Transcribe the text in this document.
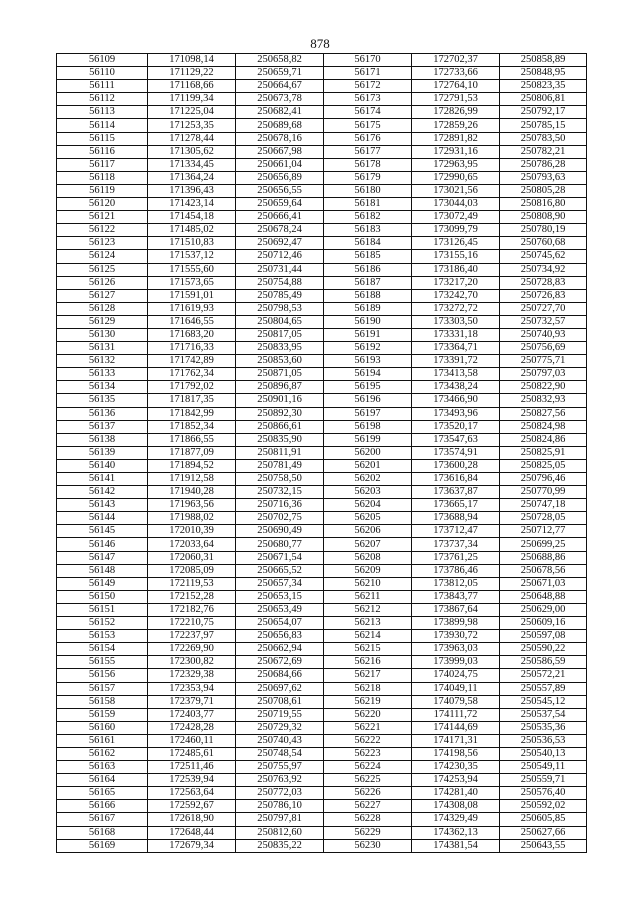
878
56109	171098,14	250658,82	56170	172702,37	250858,89
56110	171129,22	250659,71	56171	172733,66	250848,95
56111	171168,66	250664,67	56172	172764,10	250823,35
56112	171199,34	250673,78	56173	172791,53	250806,81
56113	171225,04	250682,41	56174	172826,99	250792,17
56114	171253,35	250689,68	56175	172859,26	250785,15
56115	171278,44	250678,16	56176	172891,82	250783,50
56116	171305,62	250667,98	56177	172931,16	250782,21
56117	171334,45	250661,04	56178	172963,95	250786,28
56118	171364,24	250656,89	56179	172990,65	250793,63
56119	171396,43	250656,55	56180	173021,56	250805,28
56120	171423,14	250659,64	56181	173044,03	250816,80
56121	171454,18	250666,41	56182	173072,49	250808,90
56122	171485,02	250678,24	56183	173099,79	250780,19
56123	171510,83	250692,47	56184	173126,45	250760,68
56124	171537,12	250712,46	56185	173155,16	250745,62
56125	171555,60	250731,44	56186	173186,40	250734,92
56126	171573,65	250754,88	56187	173217,20	250728,83
56127	171591,01	250785,49	56188	173242,70	250726,83
56128	171619,93	250798,53	56189	173272,72	250727,70
56129	171646,55	250804,65	56190	173303,50	250732,57
56130	171683,20	250817,05	56191	173331,18	250740,93
56131	171716,33	250833,95	56192	173364,71	250756,69
56132	171742,89	250853,60	56193	173391,72	250775,71
56133	171762,34	250871,05	56194	173413,58	250797,03
56134	171792,02	250896,87	56195	173438,24	250822,90
56135	171817,35	250901,16	56196	173466,90	250832,93
56136	171842,99	250892,30	56197	173493,96	250827,56
56137	171852,34	250866,61	56198	173520,17	250824,98
56138	171866,55	250835,90	56199	173547,63	250824,86
56139	171877,09	250811,91	56200	173574,91	250825,91
56140	171894,52	250781,49	56201	173600,28	250825,05
56141	171912,58	250758,50	56202	173616,84	250796,46
56142	171940,28	250732,15	56203	173637,87	250770,99
56143	171963,56	250716,36	56204	173665,17	250747,18
56144	171988,02	250702,75	56205	173688,94	250728,05
56145	172010,39	250690,49	56206	173712,47	250712,77
56146	172033,64	250680,77	56207	173737,34	250699,25
56147	172060,31	250671,54	56208	173761,25	250688,86
56148	172085,09	250665,52	56209	173786,46	250678,56
56149	172119,53	250657,34	56210	173812,05	250671,03
56150	172152,28	250653,15	56211	173843,77	250648,88
56151	172182,76	250653,49	56212	173867,64	250629,00
56152	172210,75	250654,07	56213	173899,98	250609,16
56153	172237,97	250656,83	56214	173930,72	250597,08
56154	172269,90	250662,94	56215	173963,03	250590,22
56155	172300,82	250672,69	56216	173999,03	250586,59
56156	172329,38	250684,66	56217	174024,75	250572,21
56157	172353,94	250697,62	56218	174049,11	250557,89
56158	172379,71	250708,61	56219	174079,58	250545,12
56159	172403,77	250719,55	56220	174111,72	250537,54
56160	172428,28	250729,32	56221	174144,69	250535,36
56161	172460,11	250740,43	56222	174171,31	250536,53
56162	172485,61	250748,54	56223	174198,56	250540,13
56163	172511,46	250755,97	56224	174230,35	250549,11
56164	172539,94	250763,92	56225	174253,94	250559,71
56165	172563,64	250772,03	56226	174281,40	250576,40
56166	172592,67	250786,10	56227	174308,08	250592,02
56167	172618,90	250797,81	56228	174329,49	250605,85
56168	172648,44	250812,60	56229	174362,13	250627,66
56169	172679,34	250835,22	56230	174381,54	250643,55
